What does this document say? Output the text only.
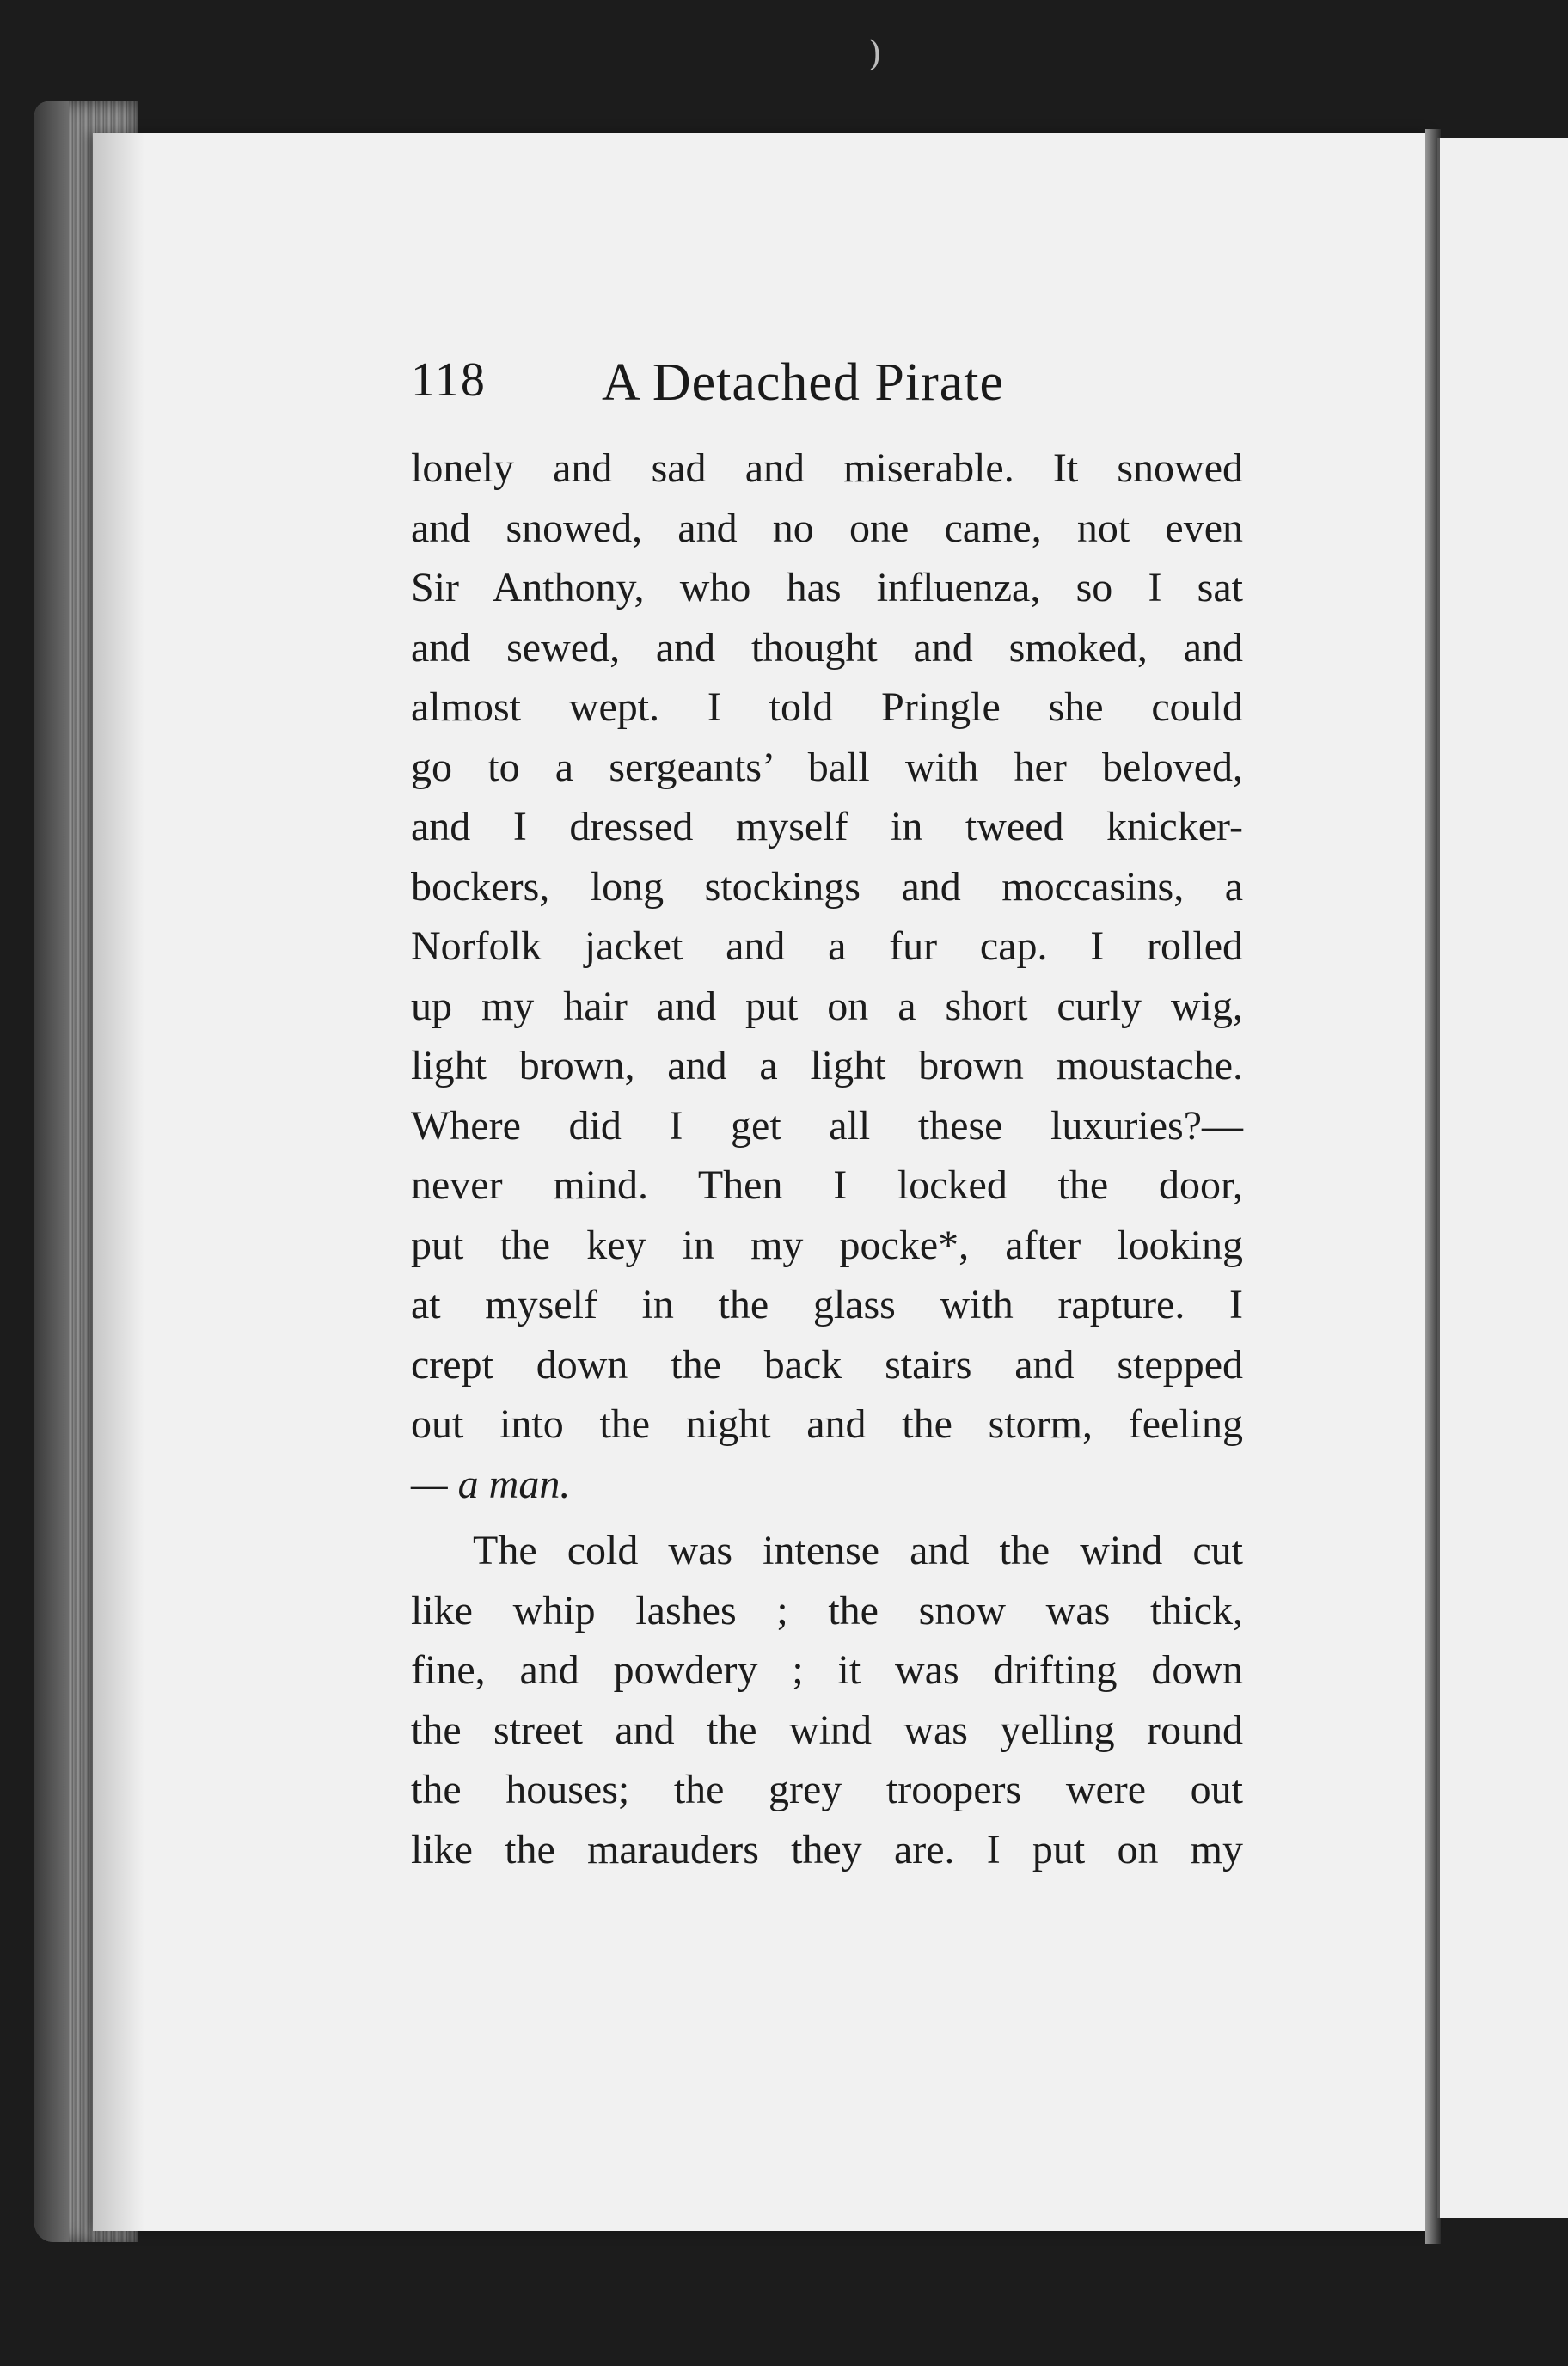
)
118 A Detached Pirate
lonely and sad and miserable. It snowed
and snowed, and no one came, not even
Sir Anthony, who has influenza, so I sat
and sewed, and thought and smoked, and
almost wept. I told Pringle she could
go to a sergeants’ ball with her beloved,
and I dressed myself in tweed knicker-
bockers, long stockings and moccasins, a
Norfolk jacket and a fur cap. I rolled
up my hair and put on a short curly wig,
light brown, and a light brown moustache.
Where did I get all these luxuries?—
never mind. Then I locked the door,
put the key in my pocke*, after looking
at myself in the glass with rapture. I
crept down the back stairs and stepped
out into the night and the storm, feeling
— a man.
The cold was intense and the wind cut
like whip lashes ; the snow was thick,
fine, and powdery ; it was drifting down
the street and the wind was yelling round
the houses; the grey troopers were out
like the marauders they are. I put on my
